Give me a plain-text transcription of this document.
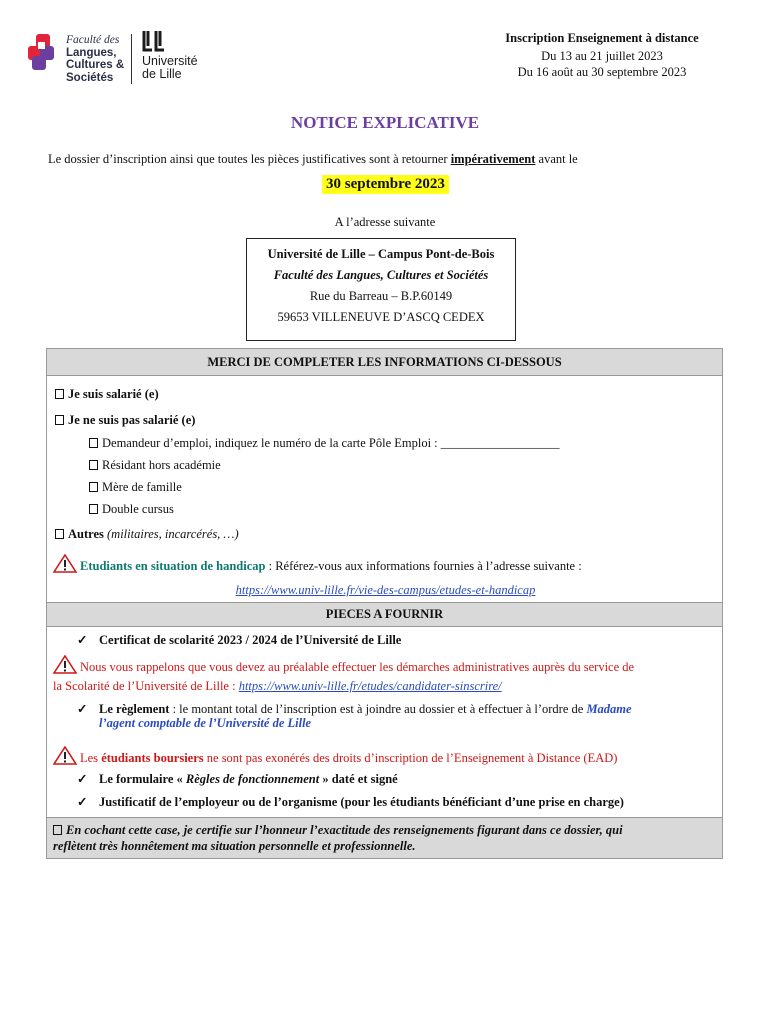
Faculté des
Langues,
Cultures &
Sociétés
Université
de Lille
Inscription Enseignement à distance
Du 13 au 21 juillet 2023
Du 16 août au 30 septembre 2023
NOTICE EXPLICATIVE
Le dossier d’inscription ainsi que toutes les pièces justificatives sont à retourner impérativement avant le
30 septembre 2023
A l’adresse suivante
Université de Lille – Campus Pont-de-Bois
Faculté des Langues, Cultures et Sociétés
Rue du Barreau – B.P.60149
59653 VILLENEUVE D’ASCQ CEDEX
MERCI DE COMPLETER LES INFORMATIONS CI-DESSOUS
Je suis salarié (e)
Je ne suis pas salarié (e)
Demandeur d’emploi, indiquez le numéro de la carte Pôle Emploi : ___________________
Résidant hors académie
Mère de famille
Double cursus
Autres (militaires, incarcérés, …)
Etudiants en situation de handicap : Référez-vous aux informations fournies à l’adresse suivante :
https://www.univ-lille.fr/vie-des-campus/etudes-et-handicap
PIECES A FOURNIR
✓ Certificat de scolarité 2023 / 2024 de l’Université de Lille
Nous vous rappelons que vous devez au préalable effectuer les démarches administratives auprès du service de
la Scolarité de l’Université de Lille : https://www.univ-lille.fr/etudes/candidater-sinscrire/
✓ Le règlement : le montant total de l’inscription est à joindre au dossier et à effectuer à l’ordre de Madame
l’agent comptable de l’Université de Lille
Les étudiants boursiers ne sont pas exonérés des droits d’inscription de l’Enseignement à Distance (EAD)
✓ Le formulaire « Règles de fonctionnement » daté et signé
✓ Justificatif de l’employeur ou de l’organisme (pour les étudiants bénéficiant d’une prise en charge)
En cochant cette case, je certifie sur l’honneur l’exactitude des renseignements figurant dans ce dossier, qui
reflètent très honnêtement ma situation personnelle et professionnelle.
